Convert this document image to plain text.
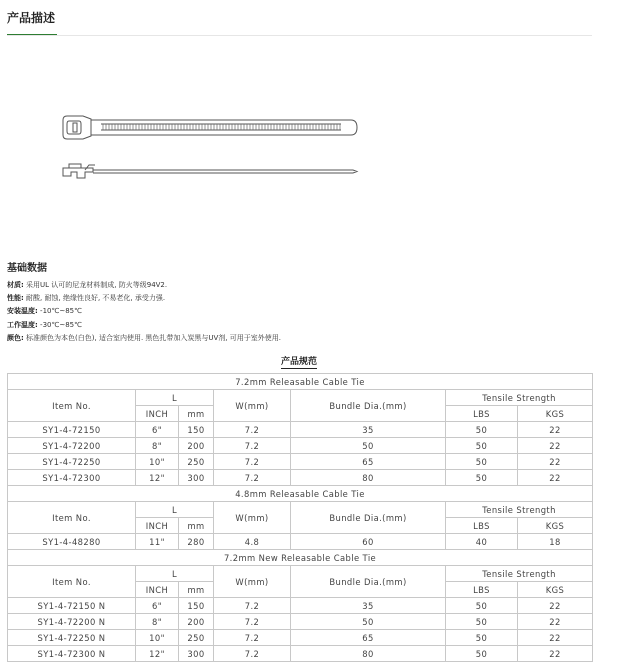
产品描述
基础数据
材质: 采用UL 认可的尼龙材料制成, 防火等级94V2.
性能: 耐酸, 耐蚀, 绝缘性良好, 不易老化, 承受力强.
安装温度: -10℃~85℃
工作温度: -30℃~85℃
颜色: 标准颜色为本色(白色), 适合室内使用. 黑色扎带加入炭黑与UV剂, 可用于室外使用.
产品规范
7.2mm Releasable Cable Tie						
Item No.	L		W(mm)	Bundle Dia.(mm)	Tensile Strength	
	INCH	mm			LBS	KGS
SY1-4-72150	6"	150	7.2	35	50	22
SY1-4-72200	8"	200	7.2	50	50	22
SY1-4-72250	10"	250	7.2	65	50	22
SY1-4-72300	12"	300	7.2	80	50	22
4.8mm Releasable Cable Tie						
Item No.	L		W(mm)	Bundle Dia.(mm)	Tensile Strength	
	INCH	mm			LBS	KGS
SY1-4-48280	11"	280	4.8	60	40	18
7.2mm New Releasable Cable Tie						
Item No.	L		W(mm)	Bundle Dia.(mm)	Tensile Strength	
	INCH	mm			LBS	KGS
SY1-4-72150 N	6"	150	7.2	35	50	22
SY1-4-72200 N	8"	200	7.2	50	50	22
SY1-4-72250 N	10"	250	7.2	65	50	22
SY1-4-72300 N	12"	300	7.2	80	50	22
